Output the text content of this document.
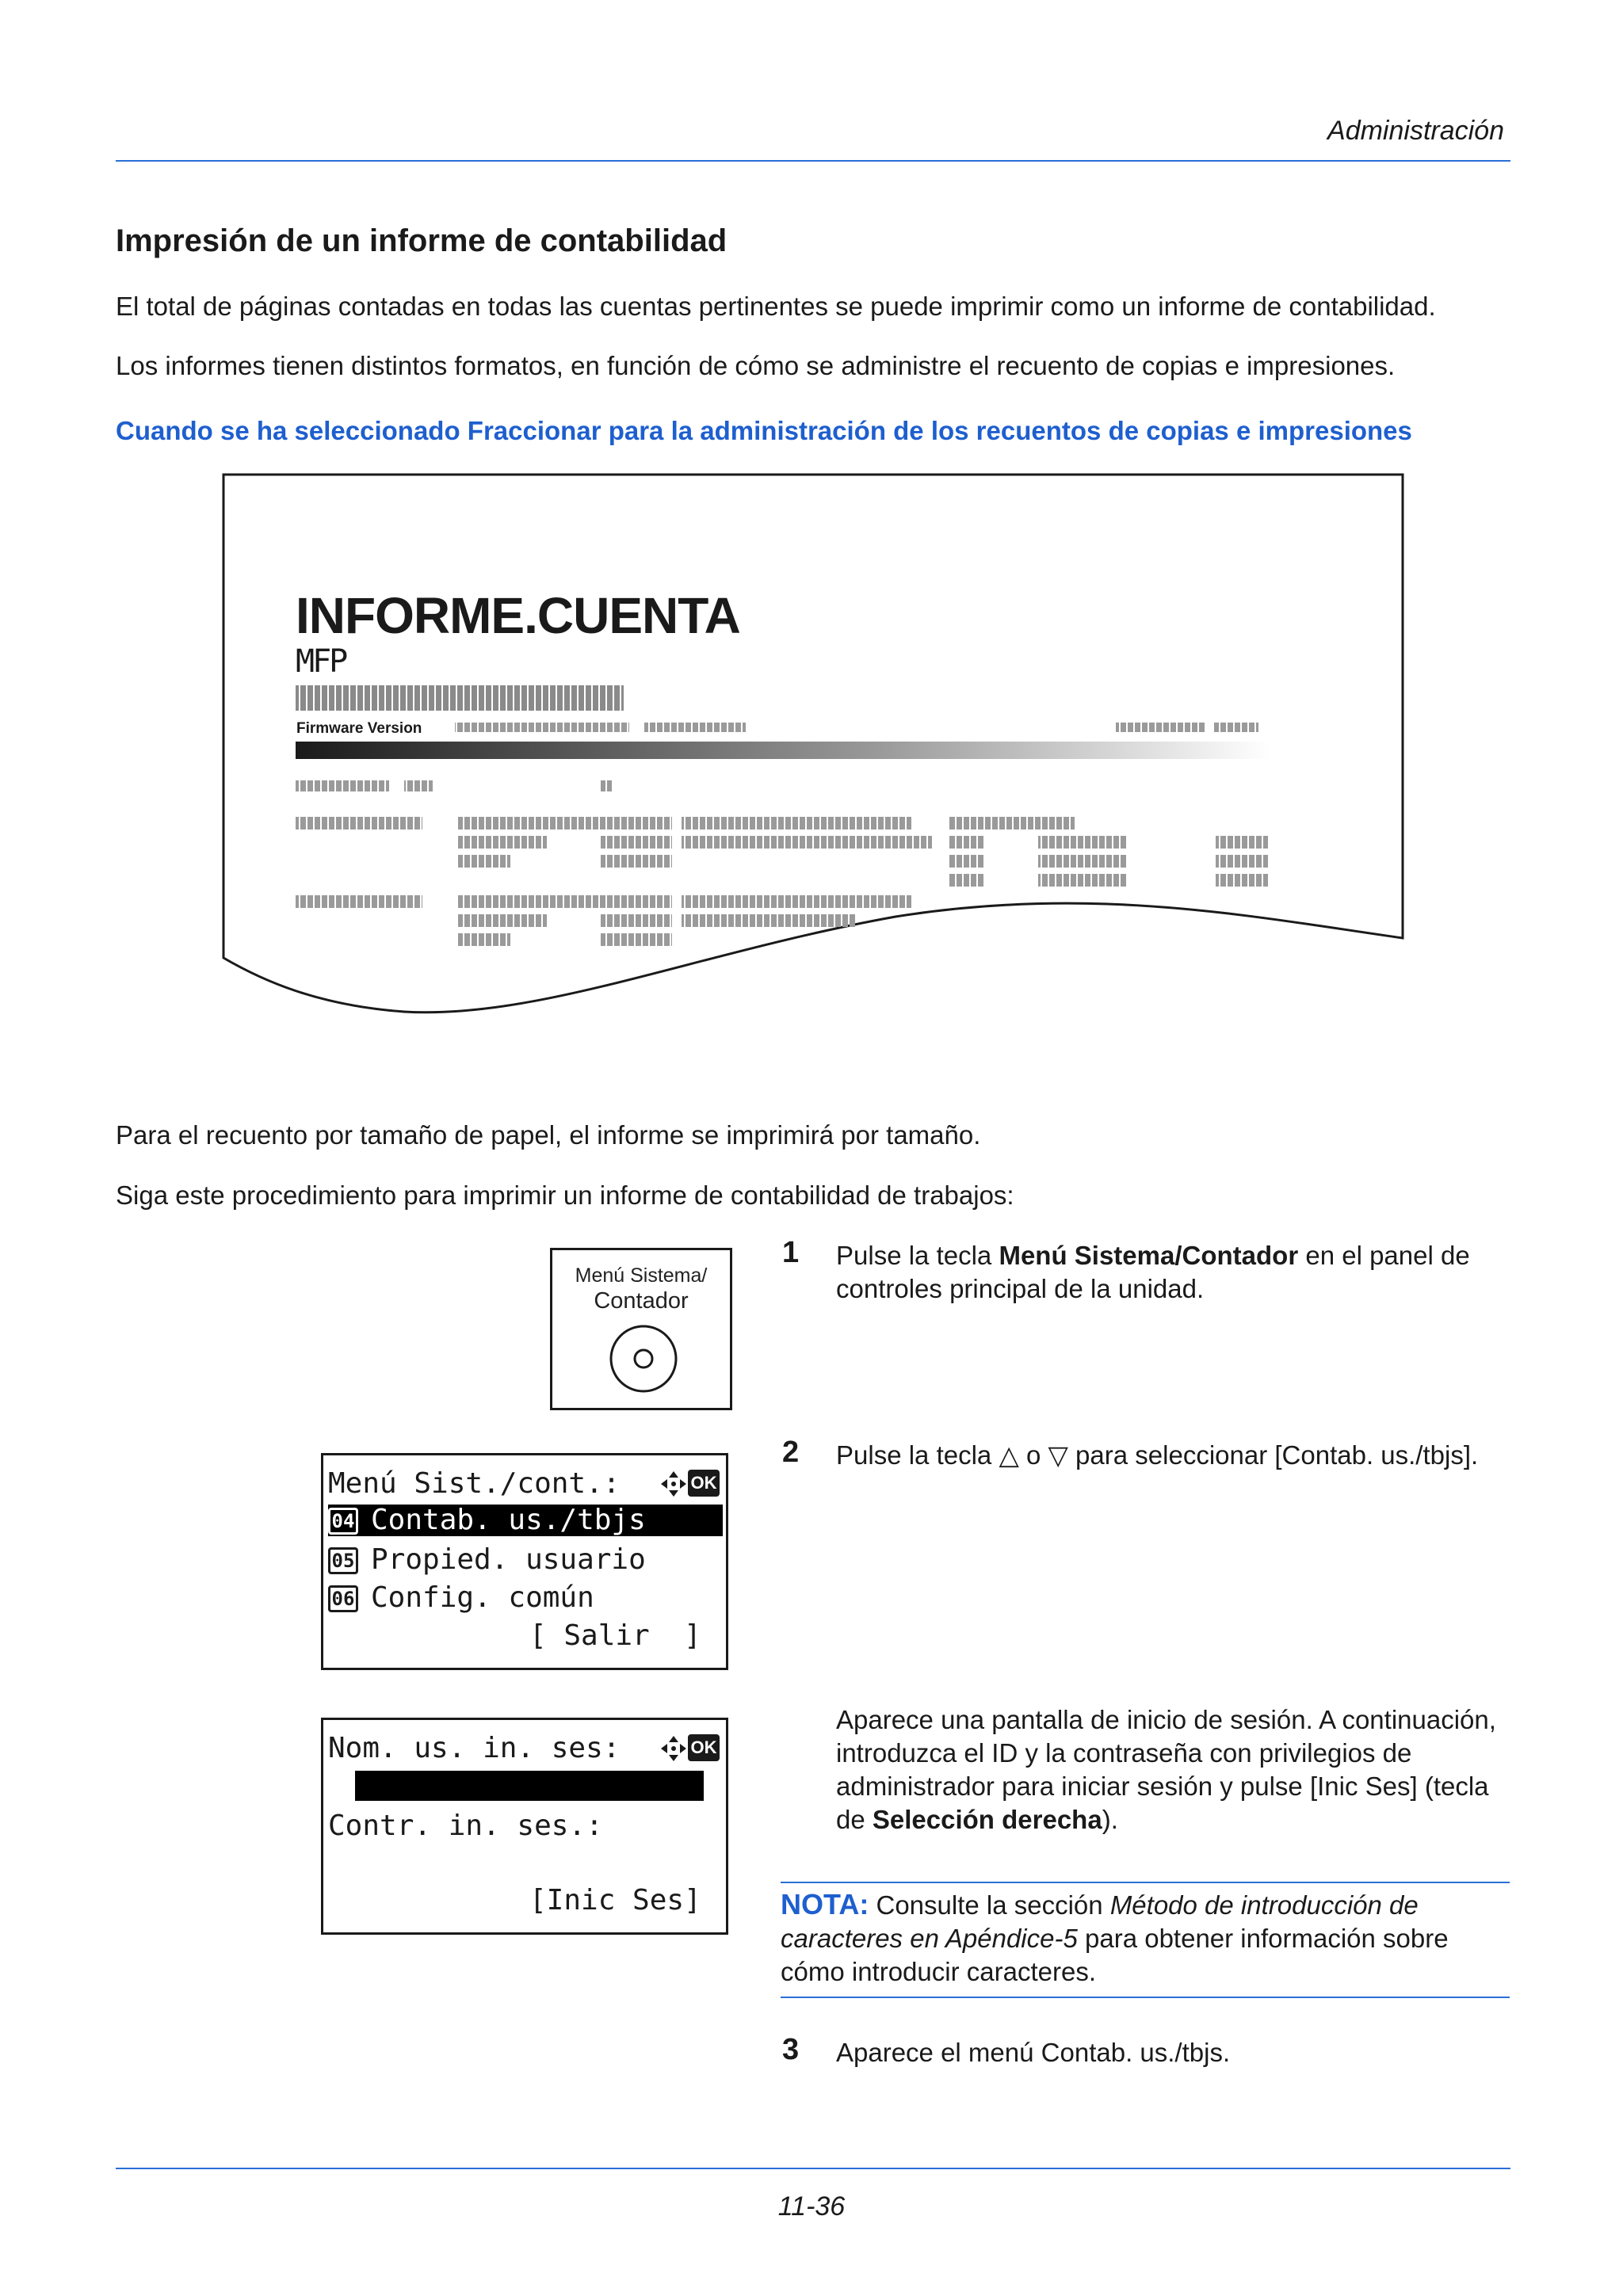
Administración
Impresión de un informe de contabilidad
El total de páginas contadas en todas las cuentas pertinentes se puede imprimir como un informe de contabilidad.
Los informes tienen distintos formatos, en función de cómo se administre el recuento de copias e impresiones.
Cuando se ha seleccionado Fraccionar para la administración de los recuentos de copias e impresiones
INFORME.CUENTA
MFP
Firmware Version
Para el recuento por tamaño de papel, el informe se imprimirá por tamaño.
Siga este procedimiento para imprimir un informe de contabilidad de trabajos:
Menú Sistema/
Contador
1 Pulse la tecla Menú Sistema/Contador en el panel de controles principal de la unidad.
Menú Sist./cont.:	OK
04 Contab. us./tbjs
05 Propied. usuario
06 Config. común
[ Salir  ]
2 Pulse la tecla △ o ▽ para seleccionar [Contab. us./tbjs].
Nom. us. in. ses:	OK
Contr. in. ses.:
[Inic Ses]
Aparece una pantalla de inicio de sesión. A continuación, introduzca el ID y la contraseña con privilegios de administrador para iniciar sesión y pulse [Inic Ses] (tecla de Selección derecha).
NOTA: Consulte la sección Método de introducción de caracteres en Apéndice-5 para obtener información sobre cómo introducir caracteres.
3 Aparece el menú Contab. us./tbjs.
11-36
